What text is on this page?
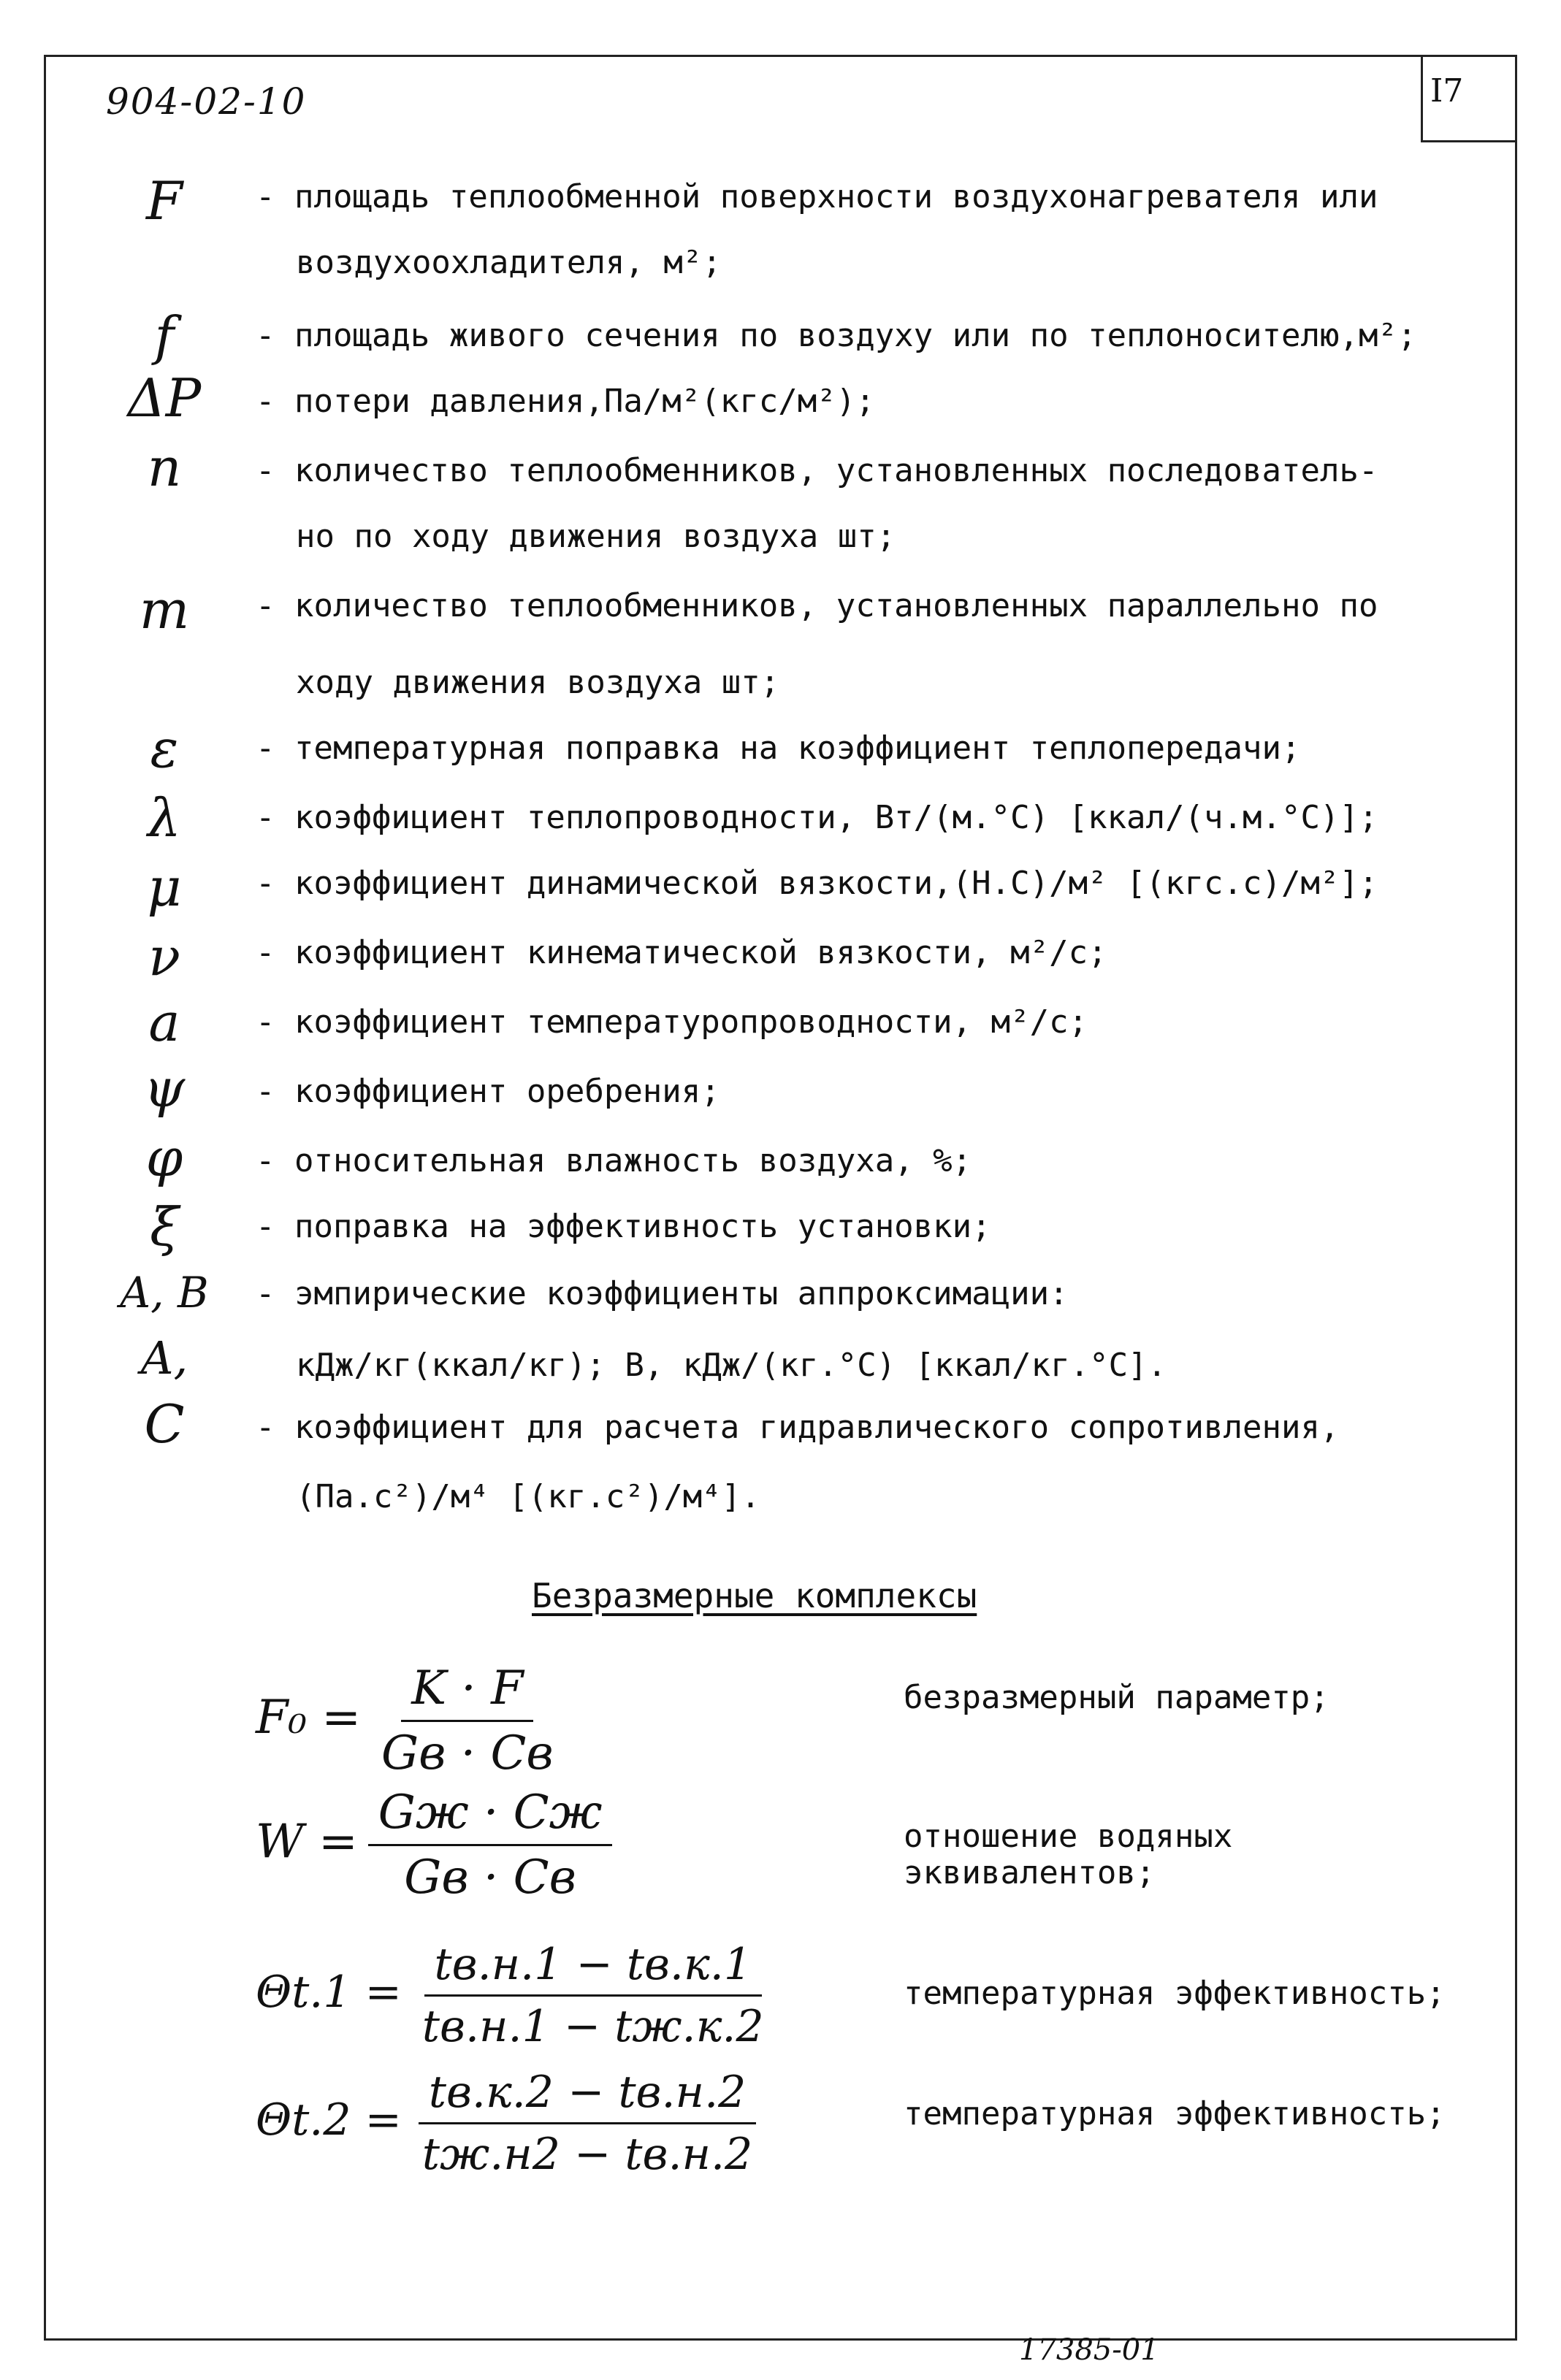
I7
904-02-10
F	- площадь теплообменной поверхности воздухонагревателя или
воздухоохладителя, м²;
f	- площадь живого сечения по воздуху или по теплоносителю,м²;
ΔP	- потери давления,Па/м²(кгс/м²);
n	- количество теплообменников, установленных последователь-
но по ходу движения воздуха шт;
m	- количество теплообменников, установленных параллельно по
ходу движения воздуха шт;
ε	- температурная поправка на коэффициент теплопередачи;
λ	- коэффициент теплопроводности, Вт/(м.°С) [ккал/(ч.м.°С)];
μ	- коэффициент динамической вязкости,(Н.С)/м² [(кгс.с)/м²];
ν	- коэффициент кинематической вязкости, м²/с;
a	- коэффициент температуропроводности, м²/с;
ψ	- коэффициент оребрения;
φ	- относительная влажность воздуха, %;
ξ	- поправка на эффективность установки;
A, B	- эмпирические коэффициенты аппроксимации:
A,	кДж/кг(ккал/кг); В, кДж/(кг.°С) [ккал/кг.°С].
C	- коэффициент для расчета гидравлического сопротивления,
(Па.с²)/м⁴ [(кг.с²)/м⁴].
Безразмерные комплексы
$F_0 = \frac{K \cdot F}{Gв \cdot Cв}$	безразмерный параметр;
$W = \frac{Gж \cdot Cж}{Gв \cdot Cв}$	отношение водяных
эквивалентов;
$\Theta t.1 = \frac{tв.н.1 - tв.к.1}{tв.н.1 - tж.к.2}$	температурная эффективность;
$\Theta t.2 = \frac{tв.к.2 - tв.н.2}{tж.н2 - tв.н.2}$	температурная эффективность;
17385-01
